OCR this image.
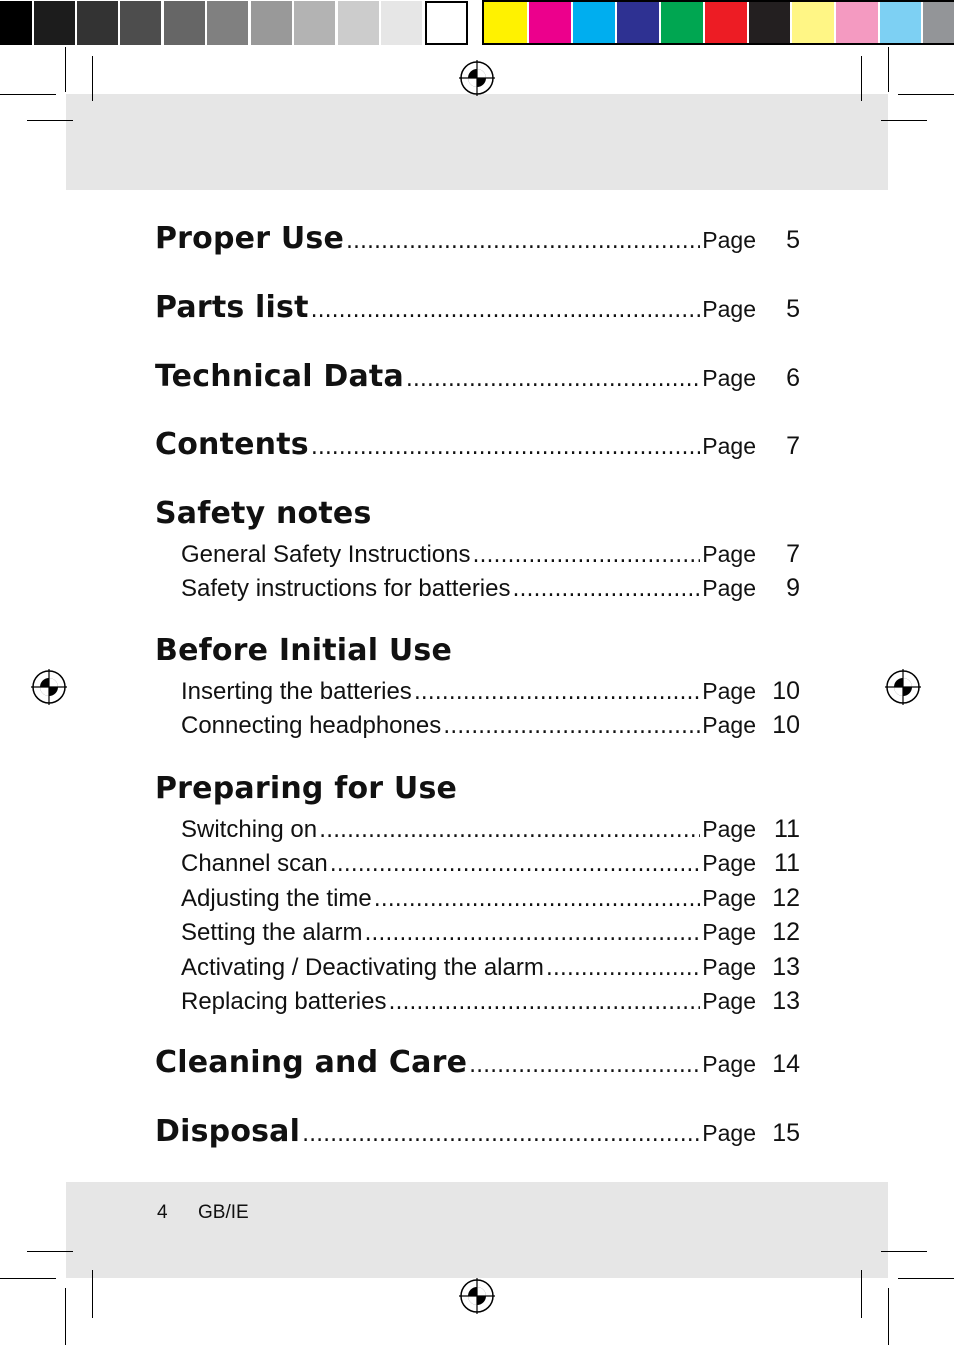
Proper Use .....	Page	5
Parts list .....	Page	5
Technical Data .....	Page	6
Contents .....	Page	7
Safety notes
General Safety Instructions .....	Page	7
Safety instructions for batteries .....	Page	9
Before Initial Use
Inserting the batteries .....	Page 10
Connecting headphones .....	Page 10
Preparing for Use
Switching on .....	Page 11
Channel scan .....	Page 11
Adjusting the time .....	Page 12
Setting the alarm .....	Page 12
Activating / Deactivating the alarm .....	Page 13
Replacing batteries .....	Page 13
Cleaning and Care .....	Page 14
Disposal .....	Page 15
4 GB/IE
